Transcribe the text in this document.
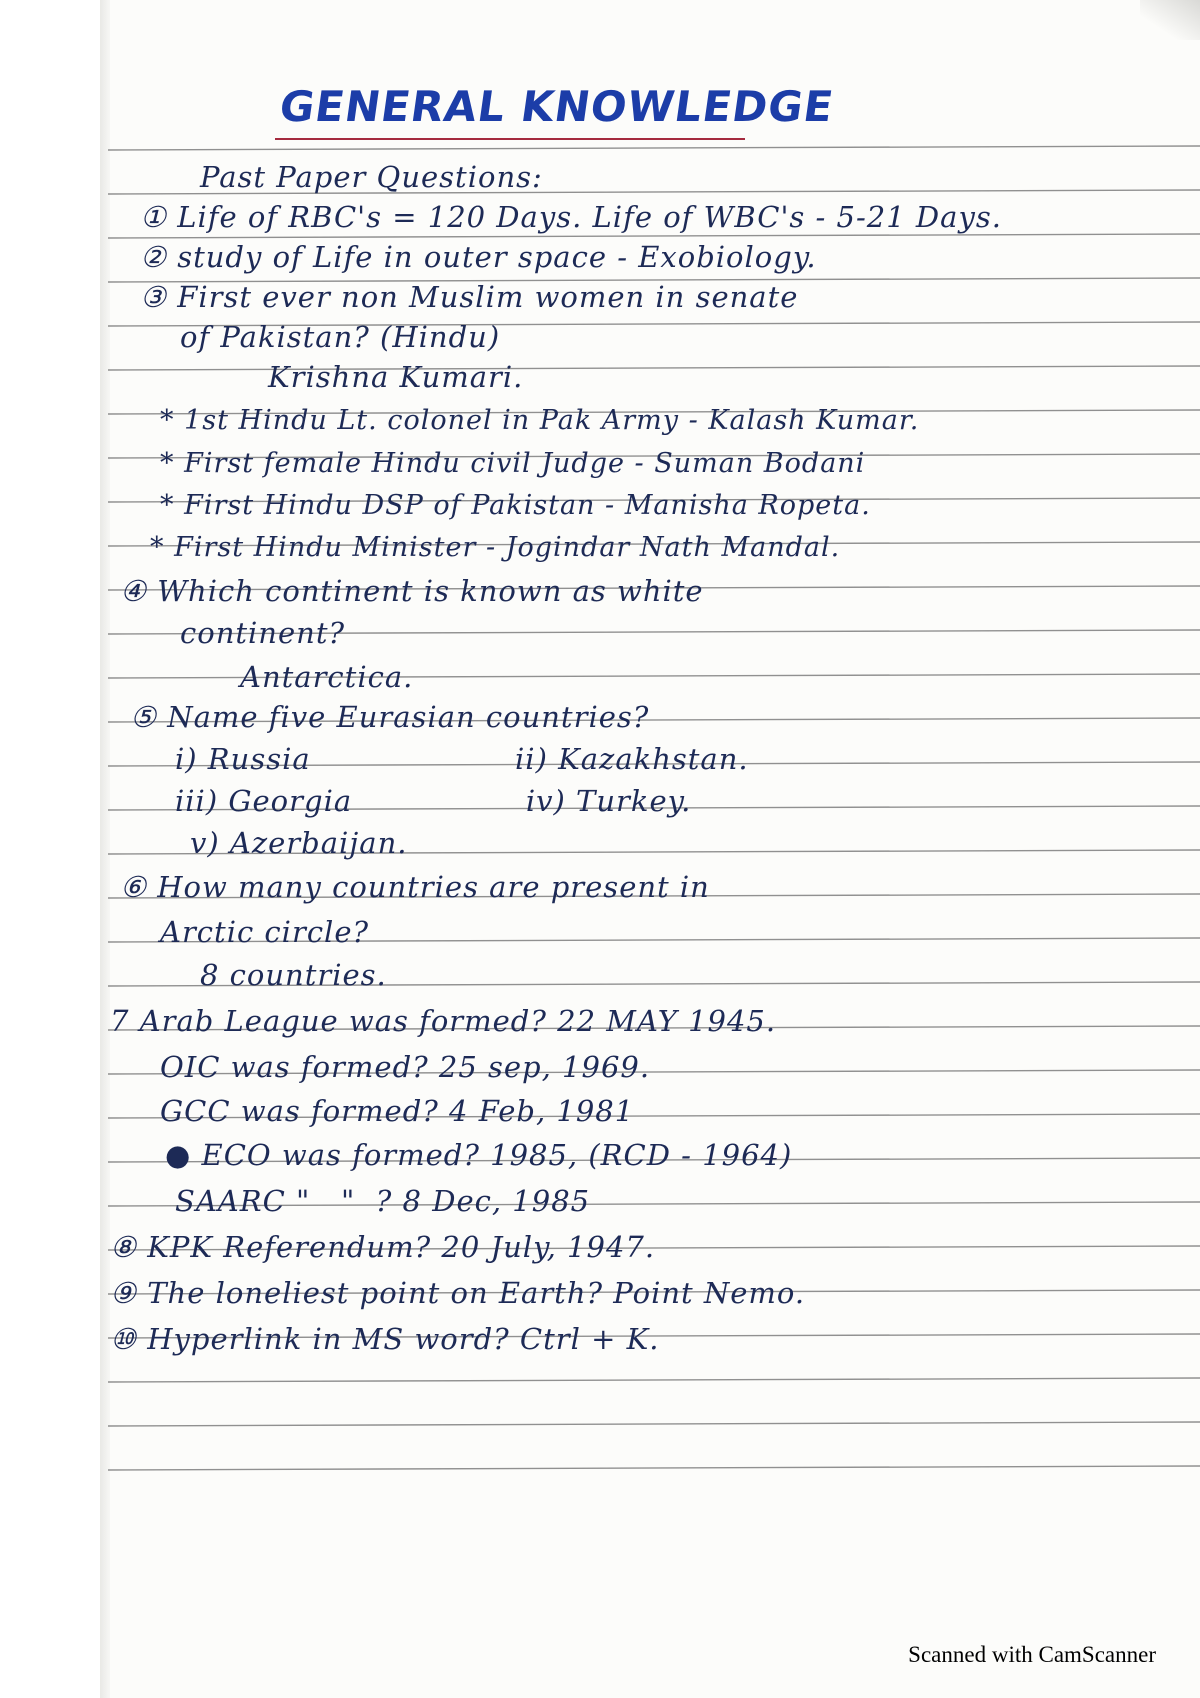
GENERAL KNOWLEDGE
Past Paper Questions:
① Life of RBC's = 120 Days. Life of WBC's - 5-21 Days.
② study of Life in outer space - Exobiology.
③ First ever non Muslim women in senate
of Pakistan? (Hindu)
Krishna Kumari.
* 1st Hindu Lt. colonel in Pak Army - Kalash Kumar.
* First female Hindu civil Judge - Suman Bodani
* First Hindu DSP of Pakistan - Manisha Ropeta.
* First Hindu Minister - Jogindar Nath Mandal.
④ Which continent is known as white
continent?
Antarctica.
⑤ Name five Eurasian countries?
i) Russia                    ii) Kazakhstan.
iii) Georgia                 iv) Turkey.
v) Azerbaijan.
⑥ How many countries are present in
Arctic circle?
8 countries.
7 Arab League was formed? 22 MAY 1945.
OIC was formed? 25 sep, 1969.
GCC was formed? 4 Feb, 1981
● ECO was formed? 1985, (RCD - 1964)
SAARC "   "  ? 8 Dec, 1985
⑧ KPK Referendum? 20 July, 1947.
⑨ The loneliest point on Earth? Point Nemo.
⑩ Hyperlink in MS word? Ctrl + K.
Scanned with CamScanner
